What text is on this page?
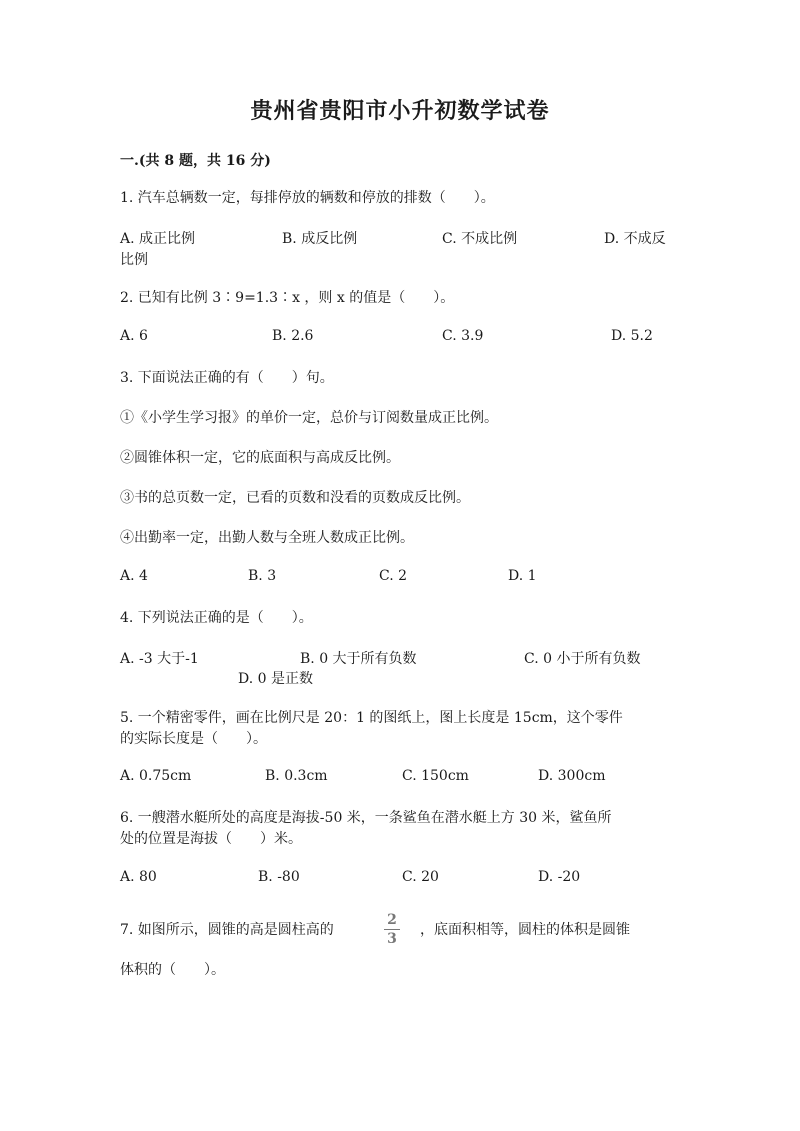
贵州省贵阳市小升初数学试卷
一.(共 8 题，共 16 分)
1. 汽车总辆数一定，每排停放的辆数和停放的排数（　　）。
A. 成正比例	B. 成反比例	C. 不成比例	D. 不成反
比例
2. 已知有比例 3∶9=1.3∶x ，则 x 的值是（　　）。
A. 6	B. 2.6	C. 3.9	D. 5.2
3. 下面说法正确的有（　　）句。
①《小学生学习报》的单价一定，总价与订阅数量成正比例。
②圆锥体积一定，它的底面积与高成反比例。
③书的总页数一定，已看的页数和没看的页数成反比例。
④出勤率一定，出勤人数与全班人数成正比例。
A. 4	B. 3	C. 2	D. 1
4. 下列说法正确的是（　　）。
A. -3 大于-1	B. 0 大于所有负数	C. 0 小于所有负数
D. 0 是正数
5. 一个精密零件，画在比例尺是 20：1 的图纸上，图上长度是 15cm，这个零件
的实际长度是（　　）。
A. 0.75cm	B. 0.3cm	C. 150cm	D. 300cm
6. 一艘潜水艇所处的高度是海拔-50 米，一条鲨鱼在潜水艇上方 30 米，鲨鱼所
处的位置是海拔（　　）米。
A. 80	B. -80	C. 20	D. -20
7. 如图所示，圆锥的高是圆柱高的
2
3
，底面积相等，圆柱的体积是圆锥
体积的（　　）。
